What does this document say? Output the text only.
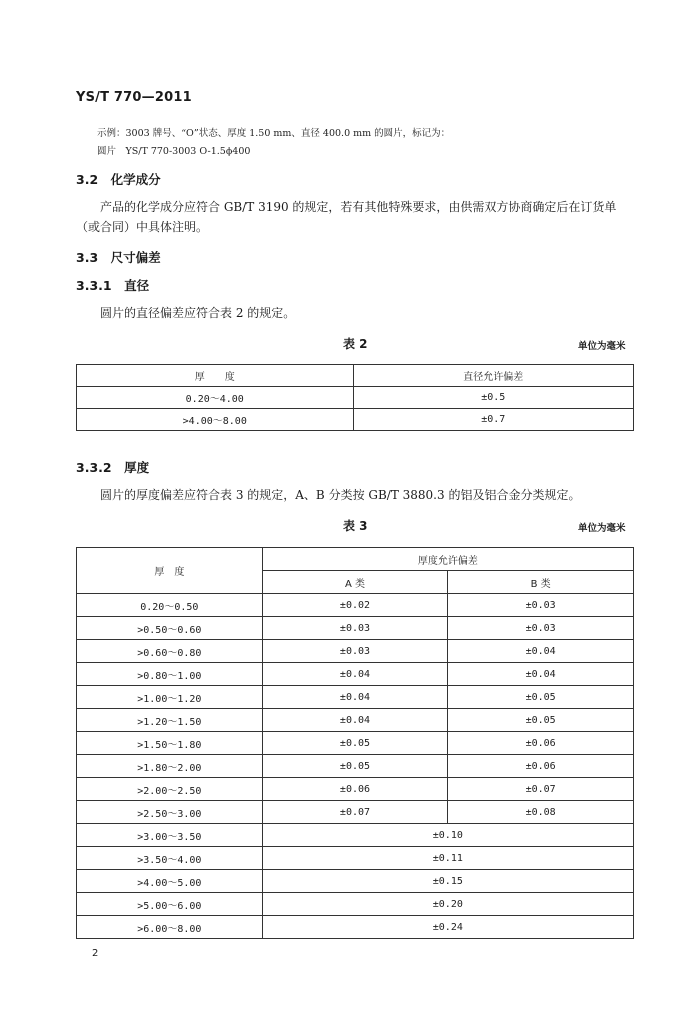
YS/T 770—2011
示例：3003 牌号、“O”状态、厚度 1.50 mm、直径 400.0 mm 的圆片，标记为：
圆片　YS/T 770-3003 O-1.5ϕ400
3.2　化学成分
产品的化学成分应符合 GB/T 3190 的规定，若有其他特殊要求，由供需双方协商确定后在订货单
（或合同）中具体注明。
3.3　尺寸偏差
3.3.1　直径
圆片的直径偏差应符合表 2 的规定。
表 2	单位为毫米
厚　　度	直径允许偏差
0.20～4.00	±0.5
>4.00～8.00	±0.7
3.3.2　厚度
圆片的厚度偏差应符合表 3 的规定，A、B 分类按 GB/T 3880.3 的铝及铝合金分类规定。
表 3	单位为毫米
厚　度	厚度允许偏差	
	A 类	B 类
0.20～0.50	±0.02	±0.03
>0.50～0.60	±0.03	±0.03
>0.60～0.80	±0.03	±0.04
>0.80～1.00	±0.04	±0.04
>1.00～1.20	±0.04	±0.05
>1.20～1.50	±0.04	±0.05
>1.50～1.80	±0.05	±0.06
>1.80～2.00	±0.05	±0.06
>2.00～2.50	±0.06	±0.07
>2.50～3.00	±0.07	±0.08
>3.00～3.50	±0.10	
>3.50～4.00	±0.11	
>4.00～5.00	±0.15	
>5.00～6.00	±0.20	
>6.00～8.00	±0.24	
2
